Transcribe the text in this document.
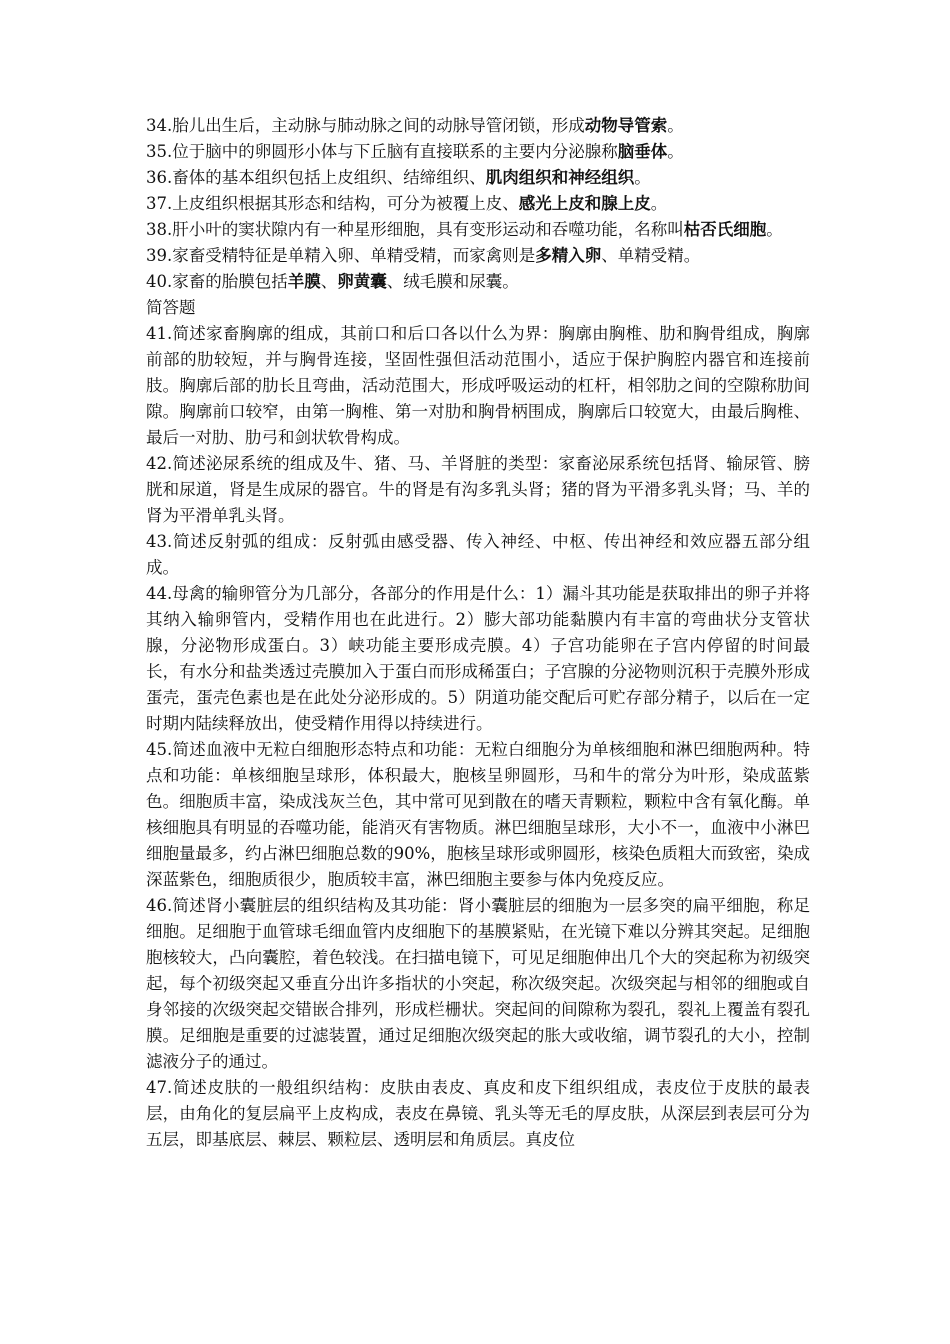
34.胎儿出生后，主动脉与肺动脉之间的动脉导管闭锁，形成动物导管索。

35.位于脑中的卵圆形小体与下丘脑有直接联系的主要内分泌腺称脑垂体。

36.畜体的基本组织包括上皮组织、结缔组织、肌肉组织和神经组织。

37.上皮组织根据其形态和结构，可分为被覆上皮、感光上皮和腺上皮。

38.肝小叶的窦状隙内有一种星形细胞，具有变形运动和吞噬功能，名称叫枯否氏细胞。

39.家畜受精特征是单精入卵、单精受精，而家禽则是多精入卵、单精受精。

40.家畜的胎膜包括羊膜、卵黄囊、绒毛膜和尿囊。

简答题

41.简述家畜胸廓的组成，其前口和后口各以什么为界：胸廓由胸椎、肋和胸骨组成，胸廓前部的肋较短，并与胸骨连接，坚固性强但活动范围小，适应于保护胸腔内器官和连接前肢。胸廓后部的肋长且弯曲，活动范围大，形成呼吸运动的杠杆，相邻肋之间的空隙称肋间隙。胸廓前口较窄，由第一胸椎、第一对肋和胸骨柄围成，胸廓后口较宽大，由最后胸椎、最后一对肋、肋弓和剑状软骨构成。

42.简述泌尿系统的组成及牛、猪、马、羊肾脏的类型：家畜泌尿系统包括肾、输尿管、膀胱和尿道，肾是生成尿的器官。牛的肾是有沟多乳头肾；猪的肾为平滑多乳头肾；马、羊的肾为平滑单乳头肾。

43.简述反射弧的组成：反射弧由感受器、传入神经、中枢、传出神经和效应器五部分组成。

44.母禽的输卵管分为几部分，各部分的作用是什么：1）漏斗其功能是获取排出的卵子并将其纳入输卵管内，受精作用也在此进行。2）膨大部功能黏膜内有丰富的弯曲状分支管状腺，分泌物形成蛋白。3）峡功能主要形成壳膜。4）子宫功能卵在子宫内停留的时间最长，有水分和盐类透过壳膜加入于蛋白而形成稀蛋白；子宫腺的分泌物则沉积于壳膜外形成蛋壳，蛋壳色素也是在此处分泌形成的。5）阴道功能交配后可贮存部分精子，以后在一定时期内陆续释放出，使受精作用得以持续进行。

45.简述血液中无粒白细胞形态特点和功能：无粒白细胞分为单核细胞和淋巴细胞两种。特点和功能：单核细胞呈球形，体积最大，胞核呈卵圆形，马和牛的常分为叶形，染成蓝紫色。细胞质丰富，染成浅灰兰色，其中常可见到散在的嗜天青颗粒，颗粒中含有氧化酶。单核细胞具有明显的吞噬功能，能消灭有害物质。淋巴细胞呈球形，大小不一，血液中小淋巴细胞量最多，约占淋巴细胞总数的90%，胞核呈球形或卵圆形，核染色质粗大而致密，染成深蓝紫色，细胞质很少，胞质较丰富，淋巴细胞主要参与体内免疫反应。

46.简述肾小囊脏层的组织结构及其功能：肾小囊脏层的细胞为一层多突的扁平细胞，称足细胞。足细胞于血管球毛细血管内皮细胞下的基膜紧贴，在光镜下难以分辨其突起。足细胞胞核较大，凸向囊腔，着色较浅。在扫描电镜下，可见足细胞伸出几个大的突起称为初级突起，每个初级突起又垂直分出许多指状的小突起，称次级突起。次级突起与相邻的细胞或自身邻接的次级突起交错嵌合排列，形成栏栅状。突起间的间隙称为裂孔，裂礼上覆盖有裂孔膜。足细胞是重要的过滤装置，通过足细胞次级突起的胀大或收缩，调节裂孔的大小，控制滤液分子的通过。

47.简述皮肤的一般组织结构：皮肤由表皮、真皮和皮下组织组成，表皮位于皮肤的最表层，由角化的复层扁平上皮构成，表皮在鼻镜、乳头等无毛的厚皮肤，从深层到表层可分为五层，即基底层、棘层、颗粒层、透明层和角质层。真皮位
